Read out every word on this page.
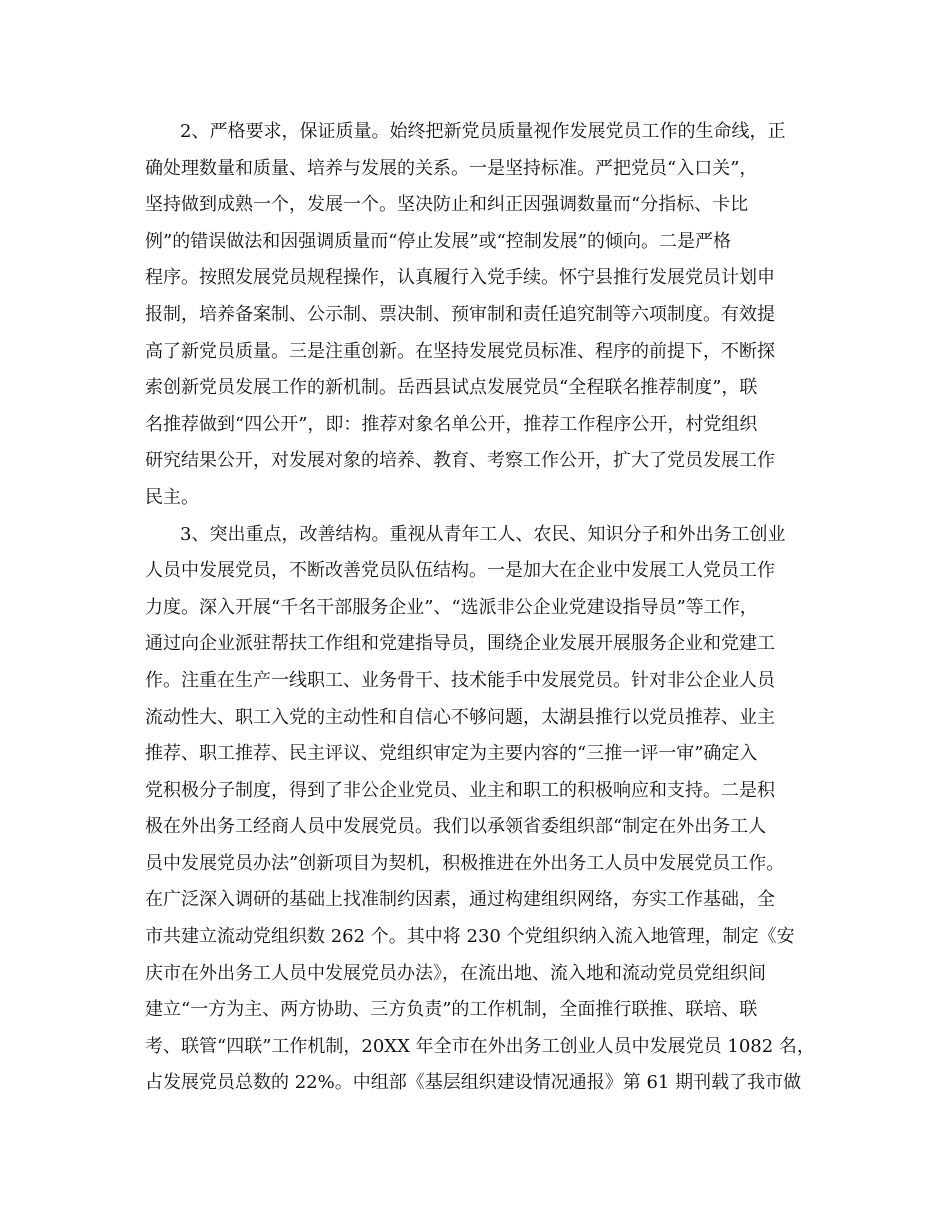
2、严格要求，保证质量。始终把新党员质量视作发展党员工作的生命线，正
确处理数量和质量、培养与发展的关系。一是坚持标准。严把党员“入口关”，
坚持做到成熟一个，发展一个。坚决防止和纠正因强调数量而“分指标、卡比
例”的错误做法和因强调质量而“停止发展”或“控制发展”的倾向。二是严格
程序。按照发展党员规程操作，认真履行入党手续。怀宁县推行发展党员计划申
报制，培养备案制、公示制、票决制、预审制和责任追究制等六项制度。有效提
高了新党员质量。三是注重创新。在坚持发展党员标准、程序的前提下，不断探
索创新党员发展工作的新机制。岳西县试点发展党员“全程联名推荐制度”，联
名推荐做到“四公开”，即：推荐对象名单公开，推荐工作程序公开，村党组织
研究结果公开，对发展对象的培养、教育、考察工作公开，扩大了党员发展工作
民主。
3、突出重点，改善结构。重视从青年工人、农民、知识分子和外出务工创业
人员中发展党员，不断改善党员队伍结构。一是加大在企业中发展工人党员工作
力度。深入开展“千名干部服务企业”、“选派非公企业党建设指导员”等工作，
通过向企业派驻帮扶工作组和党建指导员，围绕企业发展开展服务企业和党建工
作。注重在生产一线职工、业务骨干、技术能手中发展党员。针对非公企业人员
流动性大、职工入党的主动性和自信心不够问题，太湖县推行以党员推荐、业主
推荐、职工推荐、民主评议、党组织审定为主要内容的“三推一评一审”确定入
党积极分子制度，得到了非公企业党员、业主和职工的积极响应和支持。二是积
极在外出务工经商人员中发展党员。我们以承领省委组织部“制定在外出务工人
员中发展党员办法”创新项目为契机，积极推进在外出务工人员中发展党员工作。
在广泛深入调研的基础上找准制约因素，通过构建组织网络，夯实工作基础，全
市共建立流动党组织数 262 个。其中将 230 个党组织纳入流入地管理，制定《安
庆市在外出务工人员中发展党员办法》，在流出地、流入地和流动党员党组织间
建立“一方为主、两方协助、三方负责”的工作机制，全面推行联推、联培、联
考、联管“四联”工作机制，20XX 年全市在外出务工创业人员中发展党员 1082 名，
占发展党员总数的 22%。中组部《基层组织建设情况通报》第 61 期刊载了我市做
